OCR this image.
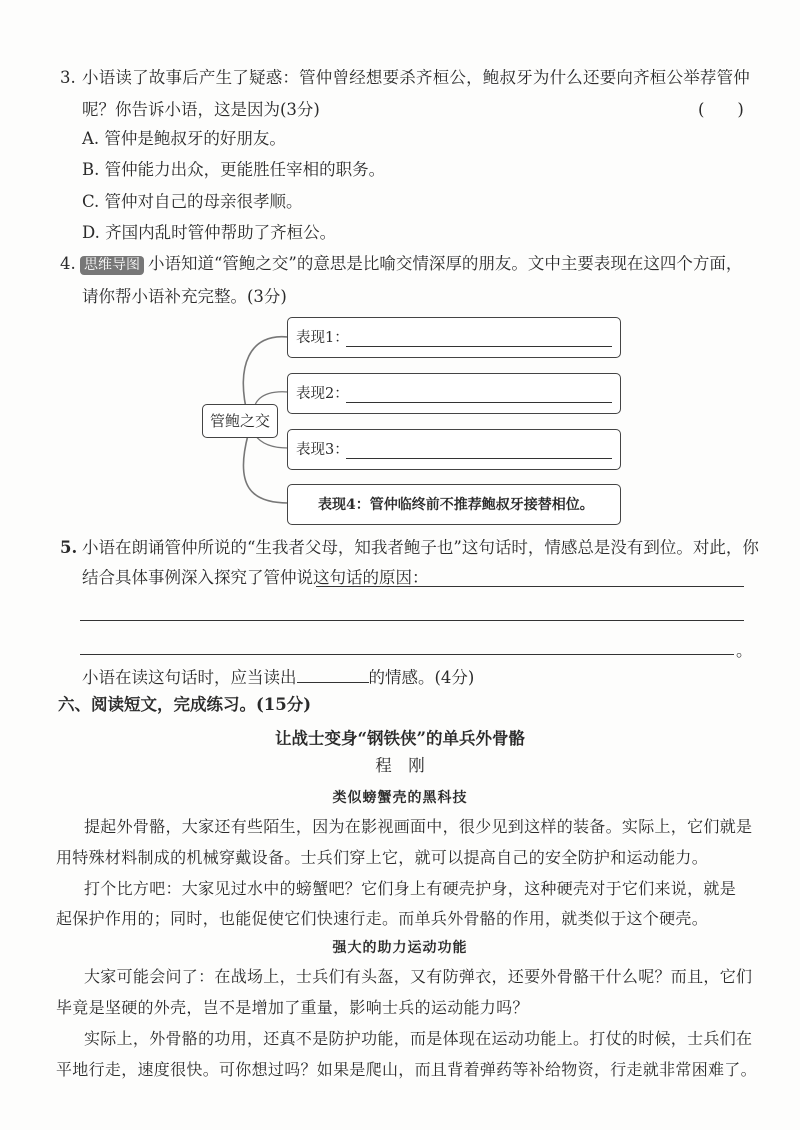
3. 小语读了故事后产生了疑惑：管仲曾经想要杀齐桓公，鲍叔牙为什么还要向齐桓公举荐管仲
呢？你告诉小语，这是因为(3分)	(　　)
A. 管仲是鲍叔牙的好朋友。
B. 管仲能力出众，更能胜任宰相的职务。
C. 管仲对自己的母亲很孝顺。
D. 齐国内乱时管仲帮助了齐桓公。
4. 思维导图 小语知道“管鲍之交”的意思是比喻交情深厚的朋友。文中主要表现在这四个方面，
请你帮小语补充完整。(3分)
管鲍之交
表现1：
表现2：
表现3：
表现4：管仲临终前不推荐鲍叔牙接替相位。
5. 小语在朗诵管仲所说的“生我者父母，知我者鲍子也”这句话时，情感总是没有到位。对此，你
结合具体事例深入探究了管仲说这句话的原因：
。
小语在读这句话时，应当读出	的情感。(4分)
六、阅读短文，完成练习。(15分)
让战士变身“钢铁侠”的单兵外骨骼
程　刚
类似螃蟹壳的黑科技
提起外骨骼，大家还有些陌生，因为在影视画面中，很少见到这样的装备。实际上，它们就是
用特殊材料制成的机械穿戴设备。士兵们穿上它，就可以提高自己的安全防护和运动能力。
打个比方吧：大家见过水中的螃蟹吧？它们身上有硬壳护身，这种硬壳对于它们来说，就是
起保护作用的；同时，也能促使它们快速行走。而单兵外骨骼的作用，就类似于这个硬壳。
强大的助力运动功能
大家可能会问了：在战场上，士兵们有头盔，又有防弹衣，还要外骨骼干什么呢？而且，它们
毕竟是坚硬的外壳，岂不是增加了重量，影响士兵的运动能力吗？
实际上，外骨骼的功用，还真不是防护功能，而是体现在运动功能上。打仗的时候，士兵们在
平地行走，速度很快。可你想过吗？如果是爬山，而且背着弹药等补给物资，行走就非常困难了。
